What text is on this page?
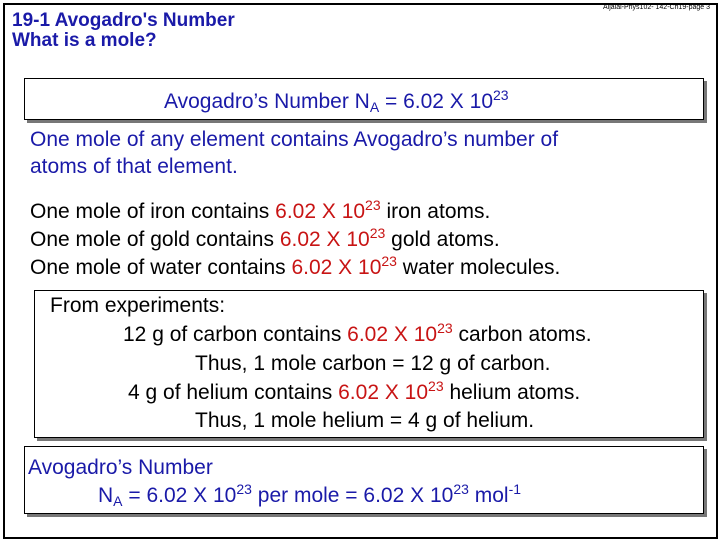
19-1 Avogadro's Number
What is a mole?
Aljalal-Phys102- 142-Ch19-page 3
Avogadro’s Number $N_A = 6.02$ X $10^{23}$
One mole of any element contains Avogadro’s number of
atoms of that element.
One mole of iron contains 6.02 X $10^{23}$ iron atoms.
One mole of gold contains 6.02 X $10^{23}$ gold atoms.
One mole of water contains 6.02 X $10^{23}$ water molecules.
From experiments:
12 g of carbon contains 6.02 X $10^{23}$ carbon atoms.
Thus, 1 mole carbon = 12 g of carbon.
4 g of helium contains 6.02 X $10^{23}$ helium atoms.
Thus, 1 mole helium = 4 g of helium.
Avogadro’s Number
$N_A = 6.02$ X $10^{23}$ per mole = 6.02 X $10^{23}$ mol$^{-1}$
